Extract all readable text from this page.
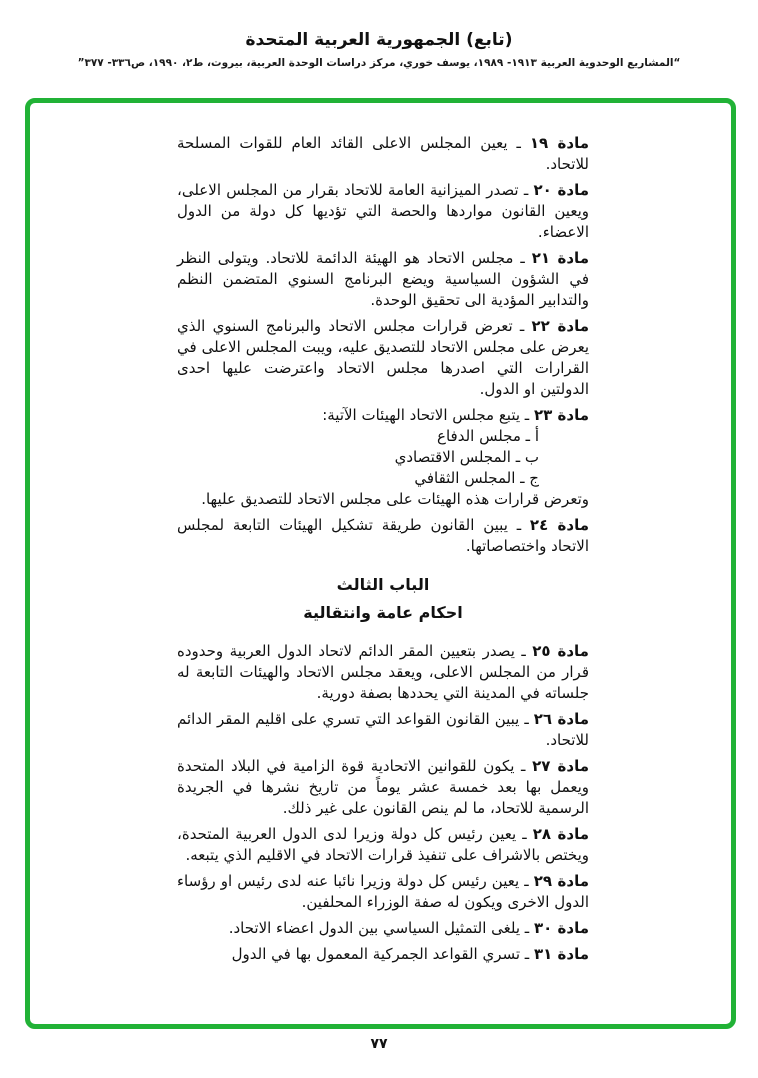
(تابع) الجمهورية العربية المتحدة
“المشاريع الوحدوية العربية ١٩١٣- ١٩٨٩، يوسف خوري، مركز دراسات الوحدة العربية، بيروت، ط٢، ١٩٩٠، ص٣٣٦- ٣٧٧”

مادة ١٩ ـ يعين المجلس الاعلى القائد العام للقوات المسلحة للاتحاد.

مادة ٢٠ ـ تصدر الميزانية العامة للاتحاد بقرار من المجلس الاعلى، ويعين القانون مواردها والحصة التي تؤديها كل دولة من الدول الاعضاء.

مادة ٢١ ـ مجلس الاتحاد هو الهيئة الدائمة للاتحاد. ويتولى النظر في الشؤون السياسية ويضع البرنامج السنوي المتضمن النظم والتدابير المؤدية الى تحقيق الوحدة.

مادة ٢٢ ـ تعرض قرارات مجلس الاتحاد والبرنامج السنوي الذي يعرض على مجلس الاتحاد للتصديق عليه، ويبت المجلس الاعلى في القرارات التي اصدرها مجلس الاتحاد واعترضت عليها احدى الدولتين او الدول.

مادة ٢٣ ـ يتبع مجلس الاتحاد الهيئات الآتية:

أ ـ مجلس الدفاع
ب ـ المجلس الاقتصادي
ج ـ المجلس الثقافي

وتعرض قرارات هذه الهيئات على مجلس الاتحاد للتصديق عليها.

مادة ٢٤ ـ يبين القانون طريقة تشكيل الهيئات التابعة لمجلس الاتحاد واختصاصاتها.

الباب الثالث
احكام عامة وانتقالية

مادة ٢٥ ـ يصدر بتعيين المقر الدائم لاتحاد الدول العربية وحدوده قرار من المجلس الاعلى، ويعقد مجلس الاتحاد والهيئات التابعة له جلساته في المدينة التي يحددها بصفة دورية.

مادة ٢٦ ـ يبين القانون القواعد التي تسري على اقليم المقر الدائم للاتحاد.

مادة ٢٧ ـ يكون للقوانين الاتحادية قوة الزامية في البلاد المتحدة ويعمل بها بعد خمسة عشر يوماً من تاريخ نشرها في الجريدة الرسمية للاتحاد، ما لم ينص القانون على غير ذلك.

مادة ٢٨ ـ يعين رئيس كل دولة وزيرا لدى الدول العربية المتحدة، ويختص بالاشراف على تنفيذ قرارات الاتحاد في الاقليم الذي يتبعه.

مادة ٢٩ ـ يعين رئيس كل دولة وزيرا نائبا عنه لدى رئيس او رؤساء الدول الاخرى ويكون له صفة الوزراء المحلفين.

مادة ٣٠ ـ يلغى التمثيل السياسي بين الدول اعضاء الاتحاد.

مادة ٣١ ـ تسري القواعد الجمركية المعمول بها في الدول

٧٧
